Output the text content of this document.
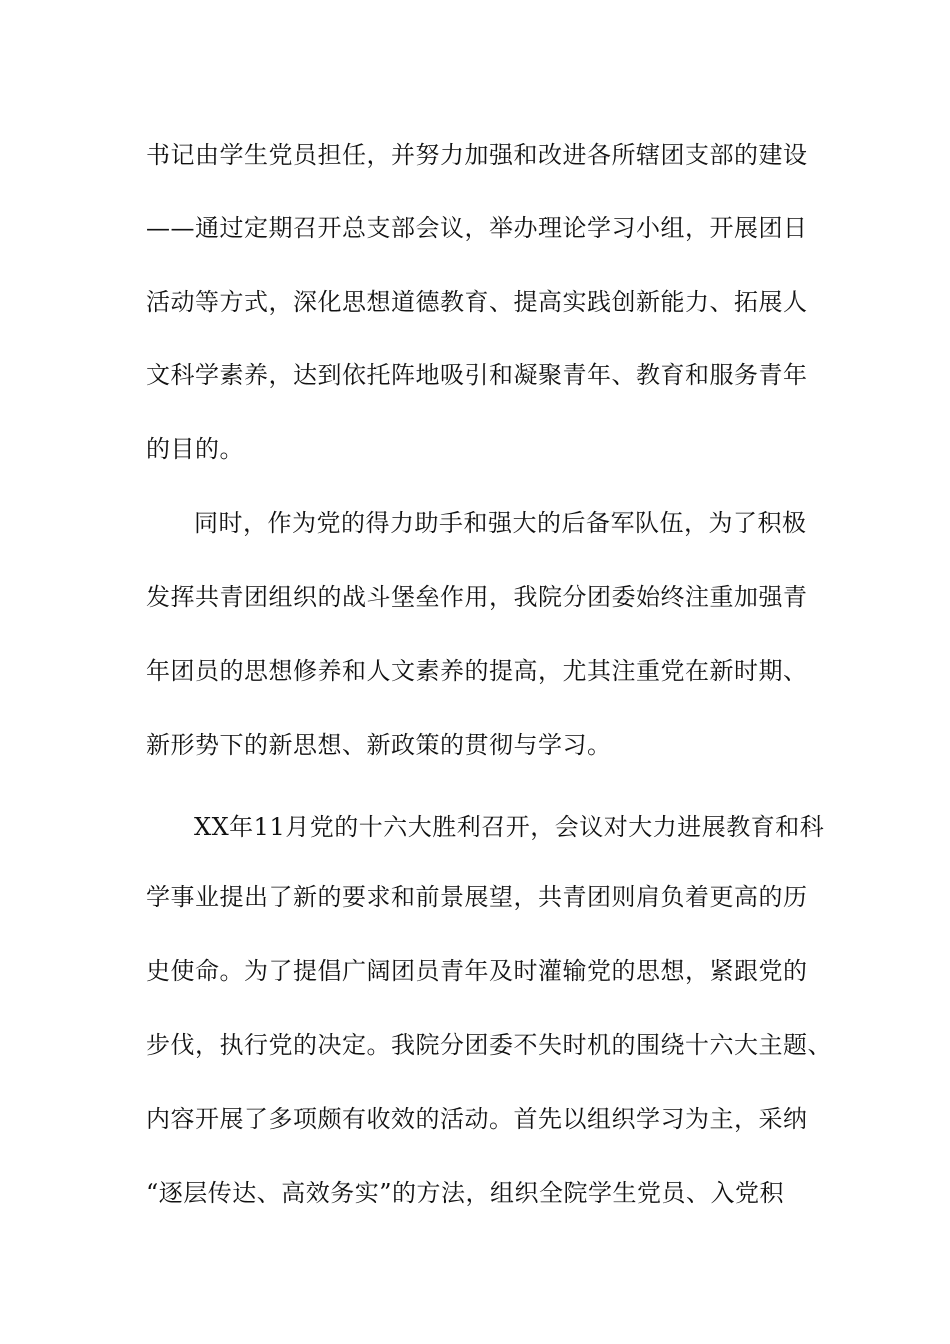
书记由学生党员担任，并努力加强和改进各所辖团支部的建设

——通过定期召开总支部会议，举办理论学习小组，开展团日

活动等方式，深化思想道德教育、提高实践创新能力、拓展人

文科学素养，达到依托阵地吸引和凝聚青年、教育和服务青年

的目的。

同时，作为党的得力助手和强大的后备军队伍，为了积极

发挥共青团组织的战斗堡垒作用，我院分团委始终注重加强青

年团员的思想修养和人文素养的提高，尤其注重党在新时期、

新形势下的新思想、新政策的贯彻与学习。

XX年11月党的十六大胜利召开，会议对大力进展教育和科

学事业提出了新的要求和前景展望，共青团则肩负着更高的历

史使命。为了提倡广阔团员青年及时灌输党的思想，紧跟党的

步伐，执行党的决定。我院分团委不失时机的围绕十六大主题、

内容开展了多项颇有收效的活动。首先以组织学习为主，采纳

“逐层传达、高效务实”的方法，组织全院学生党员、入党积
